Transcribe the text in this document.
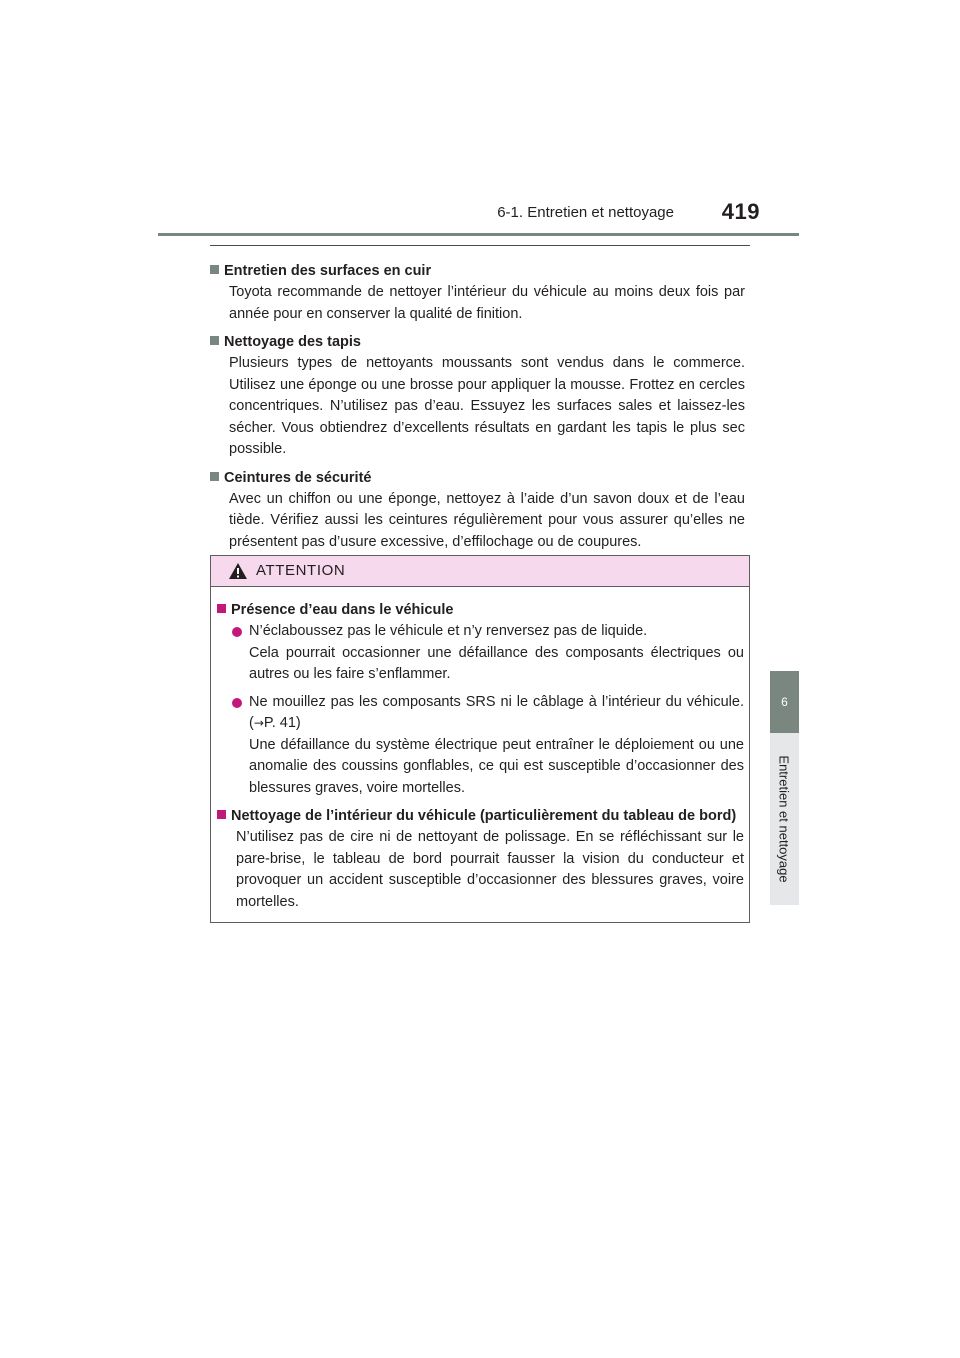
6-1. Entretien et nettoyage	419
6
Entretien et nettoyage
Entretien des surfaces en cuir
Toyota recommande de nettoyer l’intérieur du véhicule au moins deux fois par année pour en conserver la qualité de finition.
Nettoyage des tapis
Plusieurs types de nettoyants moussants sont vendus dans le commerce. Utilisez une éponge ou une brosse pour appliquer la mousse. Frottez en cercles concentriques. N’utilisez pas d’eau. Essuyez les surfaces sales et laissez-les sécher. Vous obtiendrez d’excellents résultats en gardant les tapis le plus sec possible.
Ceintures de sécurité
Avec un chiffon ou une éponge, nettoyez à l’aide d’un savon doux et de l’eau tiède. Vérifiez aussi les ceintures régulièrement pour vous assurer qu’elles ne présentent pas d’usure excessive, d’effilochage ou de coupures.
ATTENTION
Présence d’eau dans le véhicule
N’éclaboussez pas le véhicule et n’y renversez pas de liquide.
Cela pourrait occasionner une défaillance des composants électriques ou autres ou les faire s’enflammer.
Ne mouillez pas les composants SRS ni le câblage à l’intérieur du véhicule. (→P. 41)
Une défaillance du système électrique peut entraîner le déploiement ou une anomalie des coussins gonflables, ce qui est susceptible d’occasionner des blessures graves, voire mortelles.
Nettoyage de l’intérieur du véhicule (particulièrement du tableau de bord)
N’utilisez pas de cire ni de nettoyant de polissage. En se réfléchissant sur le pare-brise, le tableau de bord pourrait fausser la vision du conducteur et provoquer un accident susceptible d’occasionner des blessures graves, voire mortelles.
